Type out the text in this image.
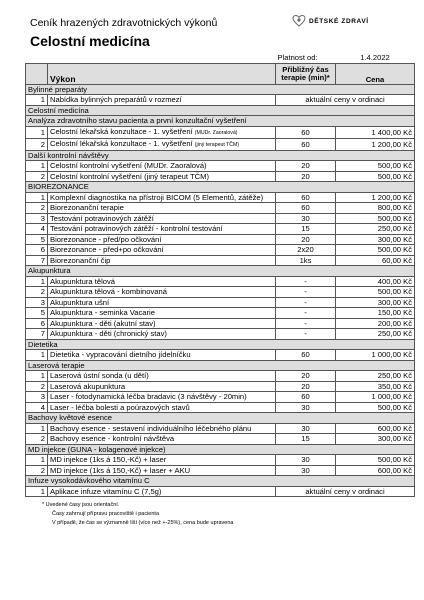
Ceník hrazených zdravotnických výkonů
Celostní medicína
DĚTSKÉ ZDRAVÍ
		Platnost od:	1.4.2022
	Výkon	Přibližný čas
terapie (min)*	Cena
Bylinné preparáty			
1	Nabídka bylinných preparátů v rozmezí	aktuální ceny v ordinaci	
Celostní medicína			
Analýza zdravotního stavu pacienta a první konzultační vyšetření			
1	Celostní lékařská konzultace - 1. vyšetření (MUDr. Zaoralová)	60	1 400,00 Kč
2	Celostní lékařská konzultace - 1. vyšetření (jiný terapeut TČM)	60	1 200,00 Kč
Další kontrolní návštěvy			
1	Celostní kontrolní vyšetření (MUDr. Zaoralová)	20	500,00 Kč
2	Celostní kontrolní vyšetření (jiný terapeut TČM)	20	500,00 Kč
BIOREZONANCE			
1	Komplexní diagnostika na přístroji BICOM (5 Elementů, zátěže)	60	1 200,00 Kč
2	Biorezonanční terapie	60	800,00 Kč
3	Testování potravinových zátěží	30	500,00 Kč
4	Testování potravinových zátěží - kontrolní testování	15	250,00 Kč
5	Biorezonance - před/po očkování	20	300,00 Kč
6	Biorezonance - před+po očkování	2x20	500,00 Kč
7	Biorezonanční čip	1ks	60,00 Kč
Akupunktura			
1	Akupunktura tělová	-	400,00 Kč
2	Akupunktura tělová - kombinovaná	-	500,00 Kč
3	Akupunktura ušní	-	300,00 Kč
5	Akupunktura - seminka Vacarie	-	150,00 Kč
6	Akupunktura - děti (akutní stav)	-	200,00 Kč
7	Akupunktura - děti (chronický stav)	-	250,00 Kč
Dietetika			
1	Dietetika - vypracování dietního jídelníčku	60	1 000,00 Kč
Laserová terapie			
1	Laserová ústní sonda (u dětí)	20	250,00 Kč
2	Laserová akupunktura	20	350,00 Kč
3	Laser - fotodynamická léčba bradavic (3 návštěvy - 20min)	60	1 000,00 Kč
4	Laser - léčba bolesti a poúrazových stavů	30	500,00 Kč
Bachovy květové esence			
1	Bachovy esence - sestavení individuálního léčebného plánu	30	600,00 Kč
2	Bachovy esence - kontrolní návštěva	15	300,00 Kč
MD injekce (GUNA - kolagenové injekce)			
1	MD injekce (1ks á 150,-Kč) + laser	30	500,00 Kč
2	MD injekce (1ks á 150,-Kč) + laser + AKU	30	600,00 Kč
Infuze vysokodávkového vitamínu C			
1	Aplikace infuze vitamínu C (7,5g)	aktuální ceny v ordinaci	
* Uvedené časy jsou orientační.
Časy zahrnují přípravu pracoviště i pacienta
V případě, že čas se významně liší (více než +-25%), cena bude upravena
